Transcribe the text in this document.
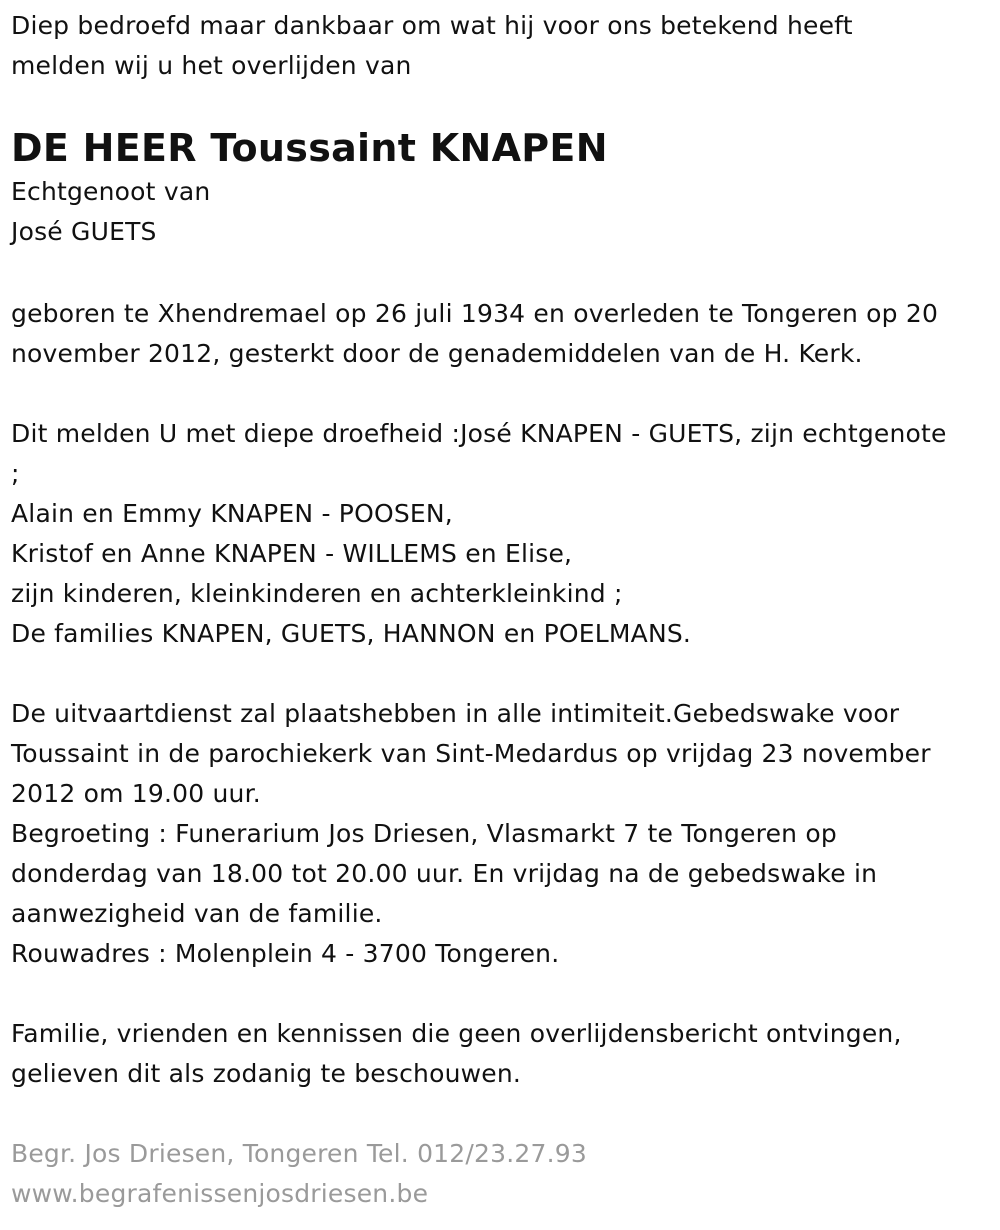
Diep bedroefd maar dankbaar om wat hij voor ons betekend heeft
melden wij u het overlijden van
DE HEER Toussaint KNAPEN
Echtgenoot van
José GUETS
geboren te Xhendremael op 26 juli 1934 en overleden te Tongeren op 20
november 2012, gesterkt door de genademiddelen van de H. Kerk.
Dit melden U met diepe droefheid :José KNAPEN - GUETS, zijn echtgenote
;
Alain en Emmy KNAPEN - POOSEN,
Kristof en Anne KNAPEN - WILLEMS en Elise,
zijn kinderen, kleinkinderen en achterkleinkind ;
De families KNAPEN, GUETS, HANNON en POELMANS.
De uitvaartdienst zal plaatshebben in alle intimiteit.Gebedswake voor
Toussaint in de parochiekerk van Sint-Medardus op vrijdag 23 november
2012 om 19.00 uur.
Begroeting : Funerarium Jos Driesen, Vlasmarkt 7 te Tongeren op
donderdag van 18.00 tot 20.00 uur. En vrijdag na de gebedswake in
aanwezigheid van de familie.
Rouwadres : Molenplein 4 - 3700 Tongeren.
Familie, vrienden en kennissen die geen overlijdensbericht ontvingen,
gelieven dit als zodanig te beschouwen.
Begr. Jos Driesen, Tongeren Tel. 012/23.27.93
www.begrafenissenjosdriesen.be
